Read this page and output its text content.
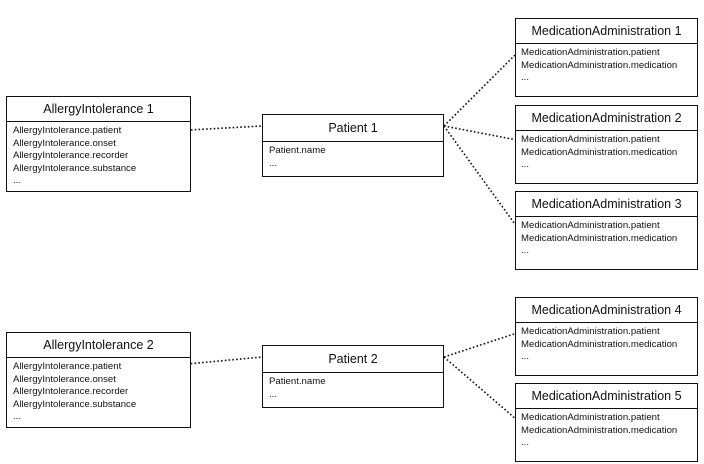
AllergyIntolerance 1
AllergyIntolerance.patient
AllergyIntolerance.onset
AllergyIntolerance.recorder
AllergyIntolerance.substance
...
AllergyIntolerance 2
AllergyIntolerance.patient
AllergyIntolerance.onset
AllergyIntolerance.recorder
AllergyIntolerance.substance
...
Patient 1
Patient.name
...
Patient 2
Patient.name
...
MedicationAdministration 1
MedicationAdministration.patient
MedicationAdministration.medication
...
MedicationAdministration 2
MedicationAdministration.patient
MedicationAdministration.medication
...
MedicationAdministration 3
MedicationAdministration.patient
MedicationAdministration.medication
...
MedicationAdministration 4
MedicationAdministration.patient
MedicationAdministration.medication
...
MedicationAdministration 5
MedicationAdministration.patient
MedicationAdministration.medication
...
